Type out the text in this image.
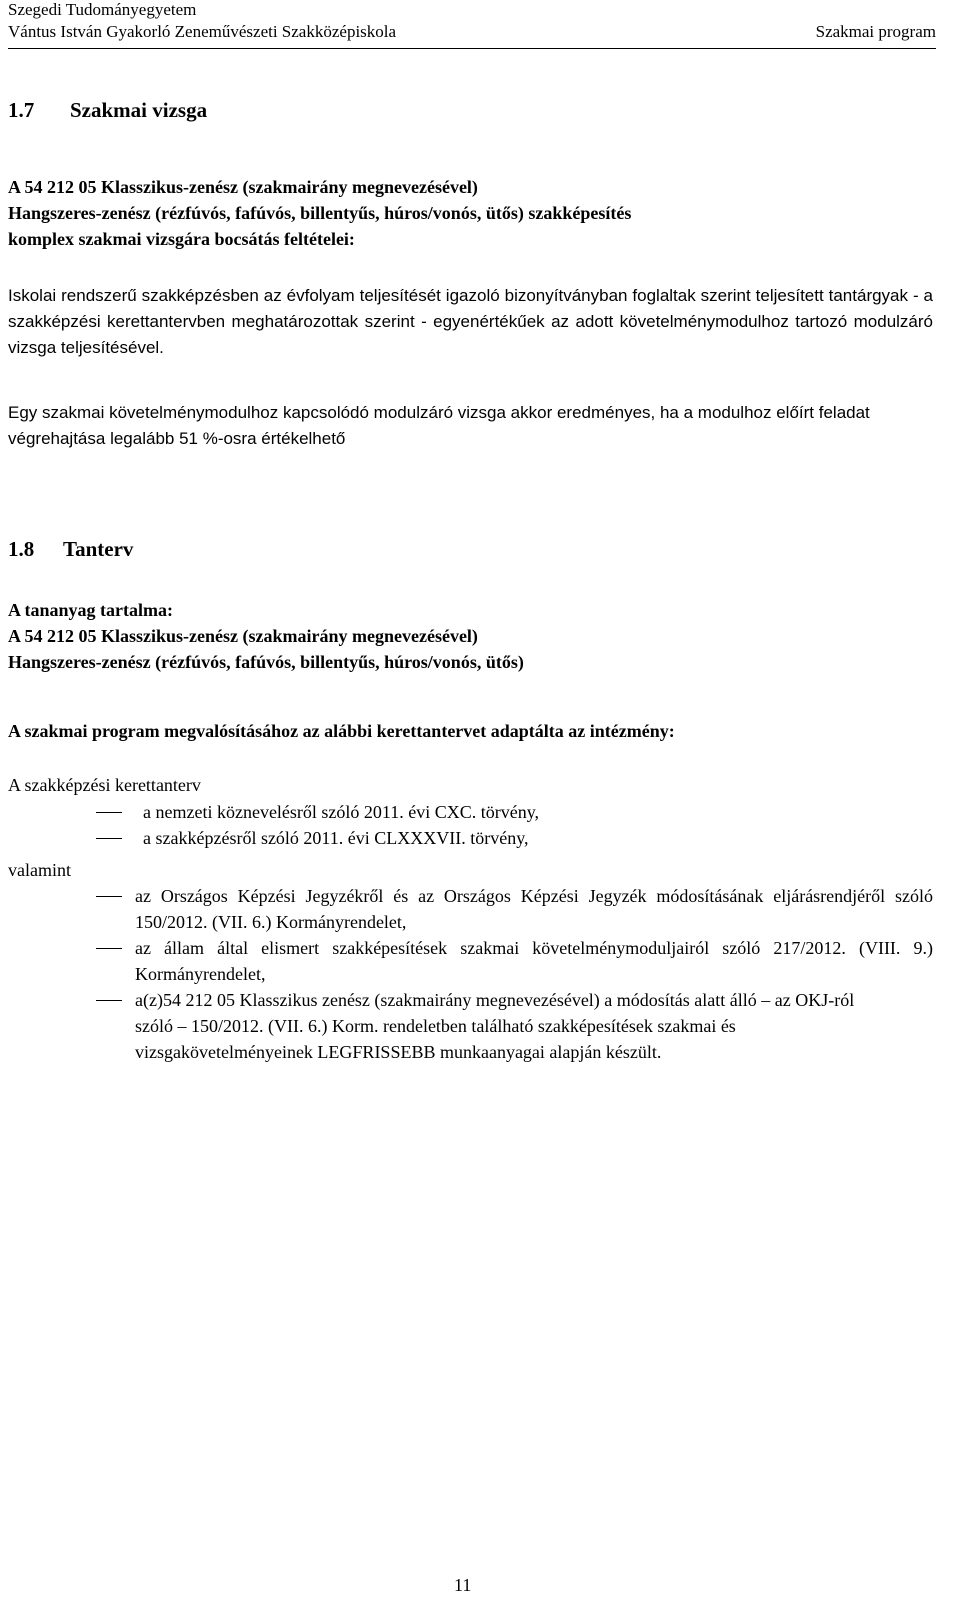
Szegedi Tudományegyetem
Vántus István Gyakorló Zeneművészeti Szakközépiskola	Szakmai program
1.7 Szakmai vizsga
A 54 212 05 Klasszikus-zenész (szakmairány megnevezésével)
Hangszeres-zenész (rézfúvós, fafúvós, billentyűs, húros/vonós, ütős) szakképesítés
komplex szakmai vizsgára bocsátás feltételei:
Iskolai rendszerű szakképzésben az évfolyam teljesítését igazoló bizonyítványban foglaltak szerint teljesített tantárgyak - a szakképzési kerettantervben meghatározottak szerint - egyenértékűek az adott követelménymodulhoz tartozó modulzáró vizsga teljesítésével.
Egy szakmai követelménymodulhoz kapcsolódó modulzáró vizsga akkor eredményes, ha a modulhoz előírt feladat végrehajtása legalább 51 %-osra értékelhető
1.8 Tanterv
A tananyag tartalma:
A 54 212 05 Klasszikus-zenész (szakmairány megnevezésével)
Hangszeres-zenész (rézfúvós, fafúvós, billentyűs, húros/vonós, ütős)
A szakmai program megvalósításához az alábbi kerettantervet adaptálta az intézmény:
A szakképzési kerettanterv
a nemzeti köznevelésről szóló 2011. évi CXC. törvény,
a szakképzésről szóló 2011. évi CLXXXVII. törvény,
valamint
az Országos Képzési Jegyzékről és az Országos Képzési Jegyzék módosításának eljárásrendjéről szóló 150/2012. (VII. 6.) Kormányrendelet,
az állam által elismert szakképesítések szakmai követelménymoduljairól szóló 217/2012. (VIII. 9.) Kormányrendelet,
a(z)54 212 05 Klasszikus zenész (szakmairány megnevezésével) a módosítás alatt álló – az OKJ-ról szóló – 150/2012. (VII. 6.) Korm. rendeletben található szakképesítések szakmai és vizsgakövetelményeinek LEGFRISSEBB munkaanyagai alapján készült.
11
